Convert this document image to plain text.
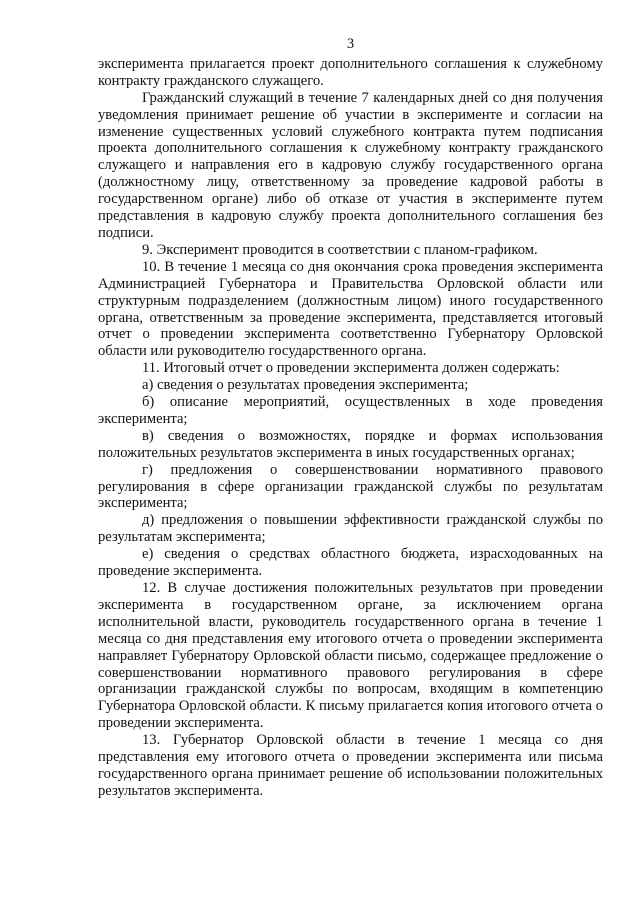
3

эксперимента прилагается проект дополнительного соглашения к служебному контракту гражданского служащего.

Гражданский служащий в течение 7 календарных дней со дня получения уведомления принимает решение об участии в эксперименте и согласии на изменение существенных условий служебного контракта путем подписания проекта дополнительного соглашения к служебному контракту гражданского служащего и направления его в кадровую службу государственного органа (должностному лицу, ответственному за проведение кадровой работы в государственном органе) либо об отказе от участия в эксперименте путем представления в кадровую службу проекта дополнительного соглашения без подписи.

9. Эксперимент проводится в соответствии с планом-графиком.

10. В течение 1 месяца со дня окончания срока проведения эксперимента Администрацией Губернатора и Правительства Орловской области или структурным подразделением (должностным лицом) иного государственного органа, ответственным за проведение эксперимента, представляется итоговый отчет о проведении эксперимента соответственно Губернатору Орловской области или руководителю государственного органа.

11. Итоговый отчет о проведении эксперимента должен содержать:

а) сведения о результатах проведения эксперимента;

б) описание мероприятий, осуществленных в ходе проведения эксперимента;

в) сведения о возможностях, порядке и формах использования положительных результатов эксперимента в иных государственных органах;

г) предложения о совершенствовании нормативного правового регулирования в сфере организации гражданской службы по результатам эксперимента;

д) предложения о повышении эффективности гражданской службы по результатам эксперимента;

е) сведения о средствах областного бюджета, израсходованных на проведение эксперимента.

12. В случае достижения положительных результатов при проведении эксперимента в государственном органе, за исключением органа исполнительной власти, руководитель государственного органа в течение 1 месяца со дня представления ему итогового отчета о проведении эксперимента направляет Губернатору Орловской области письмо, содержащее предложение о совершенствовании нормативного правового регулирования в сфере организации гражданской службы по вопросам, входящим в компетенцию Губернатора Орловской области. К письму прилагается копия итогового отчета о проведении эксперимента.

13. Губернатор Орловской области в течение 1 месяца со дня представления ему итогового отчета о проведении эксперимента или письма государственного органа принимает решение об использовании положительных результатов эксперимента.
